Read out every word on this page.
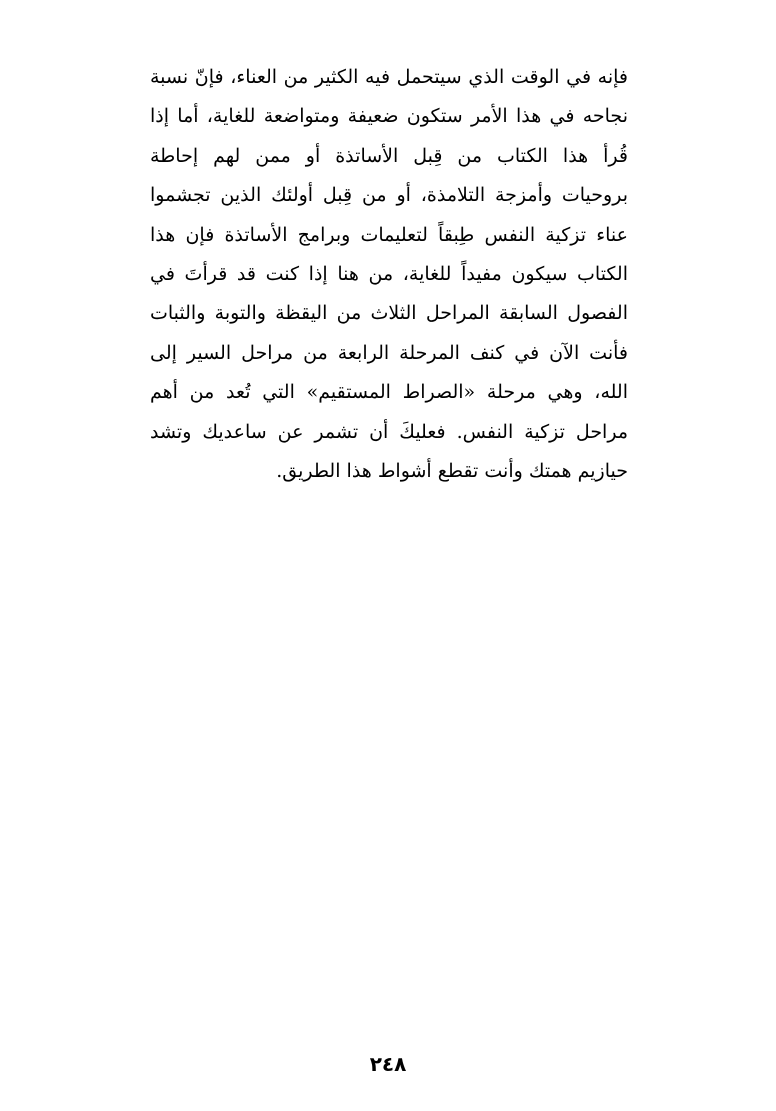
فإنه في الوقت الذي سيتحمل فيه الكثير من العناء، فإنّ نسبة
نجاحه في هذا الأمر ستكون ضعيفة ومتواضعة للغاية، أما إذا
قُرأ هذا الكتاب من قِبل الأساتذة أو ممن لهم إحاطة
بروحيات وأمزجة التلامذة، أو من قِبل أولئك الذين تجشموا
عناء تزكية النفس طِبقاً لتعليمات وبرامج الأساتذة فإن هذا
الكتاب سيكون مفيداً للغاية، من هنا إذا كنت قد قرأتَ في
الفصول السابقة المراحل الثلاث من اليقظة والتوبة والثبات
فأنت الآن في كنف المرحلة الرابعة من مراحل السير إلى
الله، وهي مرحلة «الصراط المستقيم» التي تُعد من أهم
مراحل تزكية النفس. فعليكَ أن تشمر عن ساعديك وتشد
حيازيم همتك وأنت تقطع أشواط هذا الطريق.
٢٤٨
